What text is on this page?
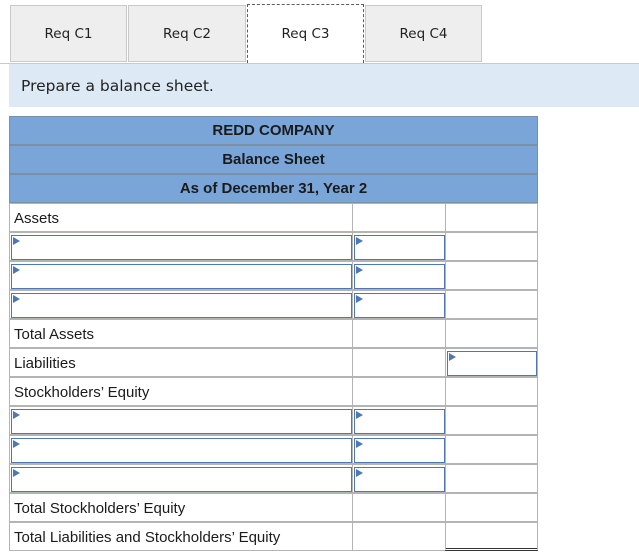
Req C1	Req C2	Req C3	Req C4
Prepare a balance sheet.
REDD COMPANY
Balance Sheet
As of December 31, Year 2
Assets
Total Assets
Liabilities
Stockholders’ Equity
Total Stockholders’ Equity
Total Liabilities and Stockholders’ Equity
